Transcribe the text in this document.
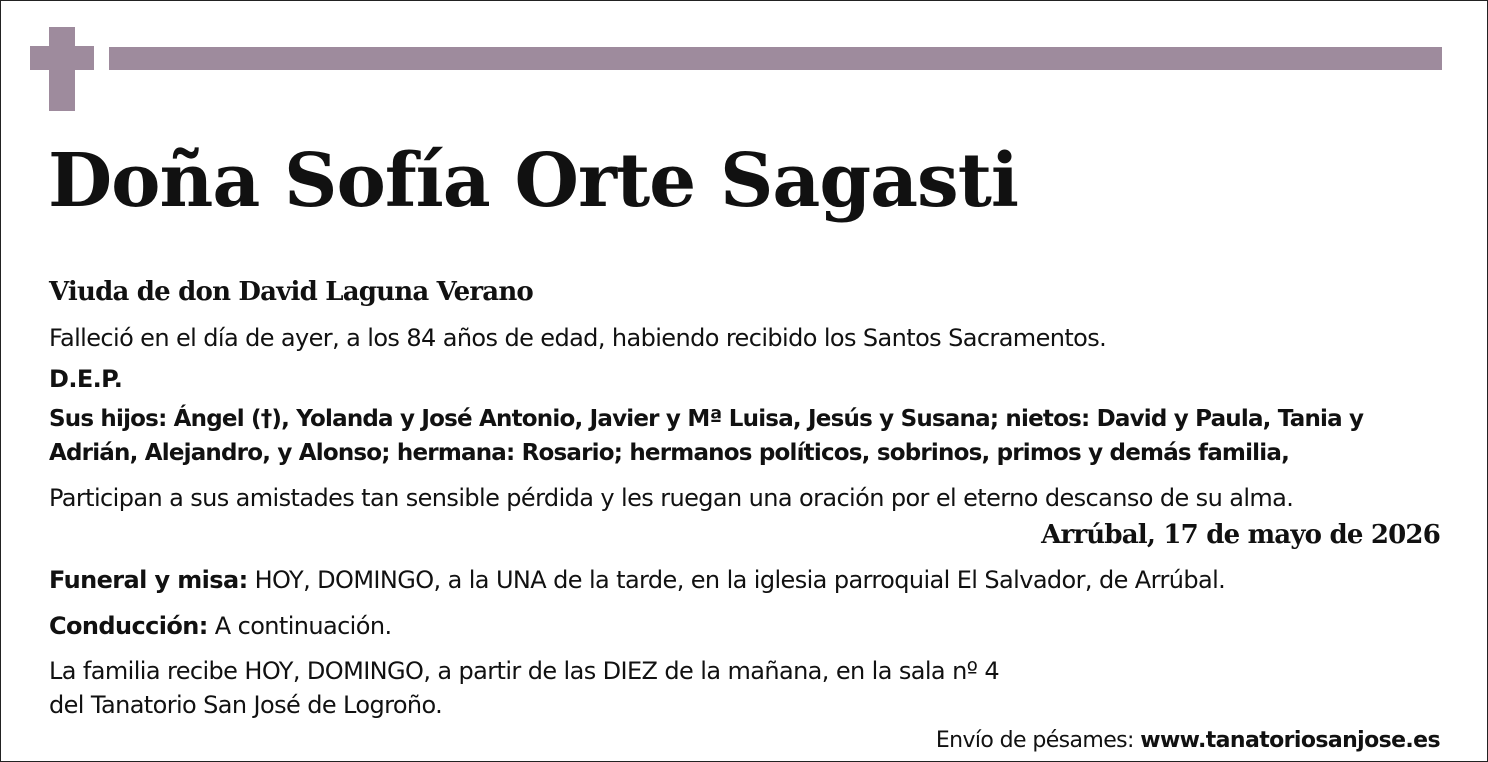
Doña Sofía Orte Sagasti

Viuda de don David Laguna Verano

Falleció en el día de ayer, a los 84 años de edad, habiendo recibido los Santos Sacramentos.

D.E.P.

Sus hijos: Ángel (†), Yolanda y José Antonio, Javier y Mª Luisa, Jesús y Susana; nietos: David y Paula, Tania y Adrián, Alejandro, y Alonso; hermana: Rosario; hermanos políticos, sobrinos, primos y demás familia,

Participan a sus amistades tan sensible pérdida y les ruegan una oración por el eterno descanso de su alma.

Arrúbal, 17 de mayo de 2026

Funeral y misa: HOY, DOMINGO, a la UNA de la tarde, en la iglesia parroquial El Salvador, de Arrúbal.

Conducción: A continuación.

La familia recibe HOY, DOMINGO, a partir de las DIEZ de la mañana, en la sala nº 4
del Tanatorio San José de Logroño.

Envío de pésames: www.tanatoriosanjose.es
